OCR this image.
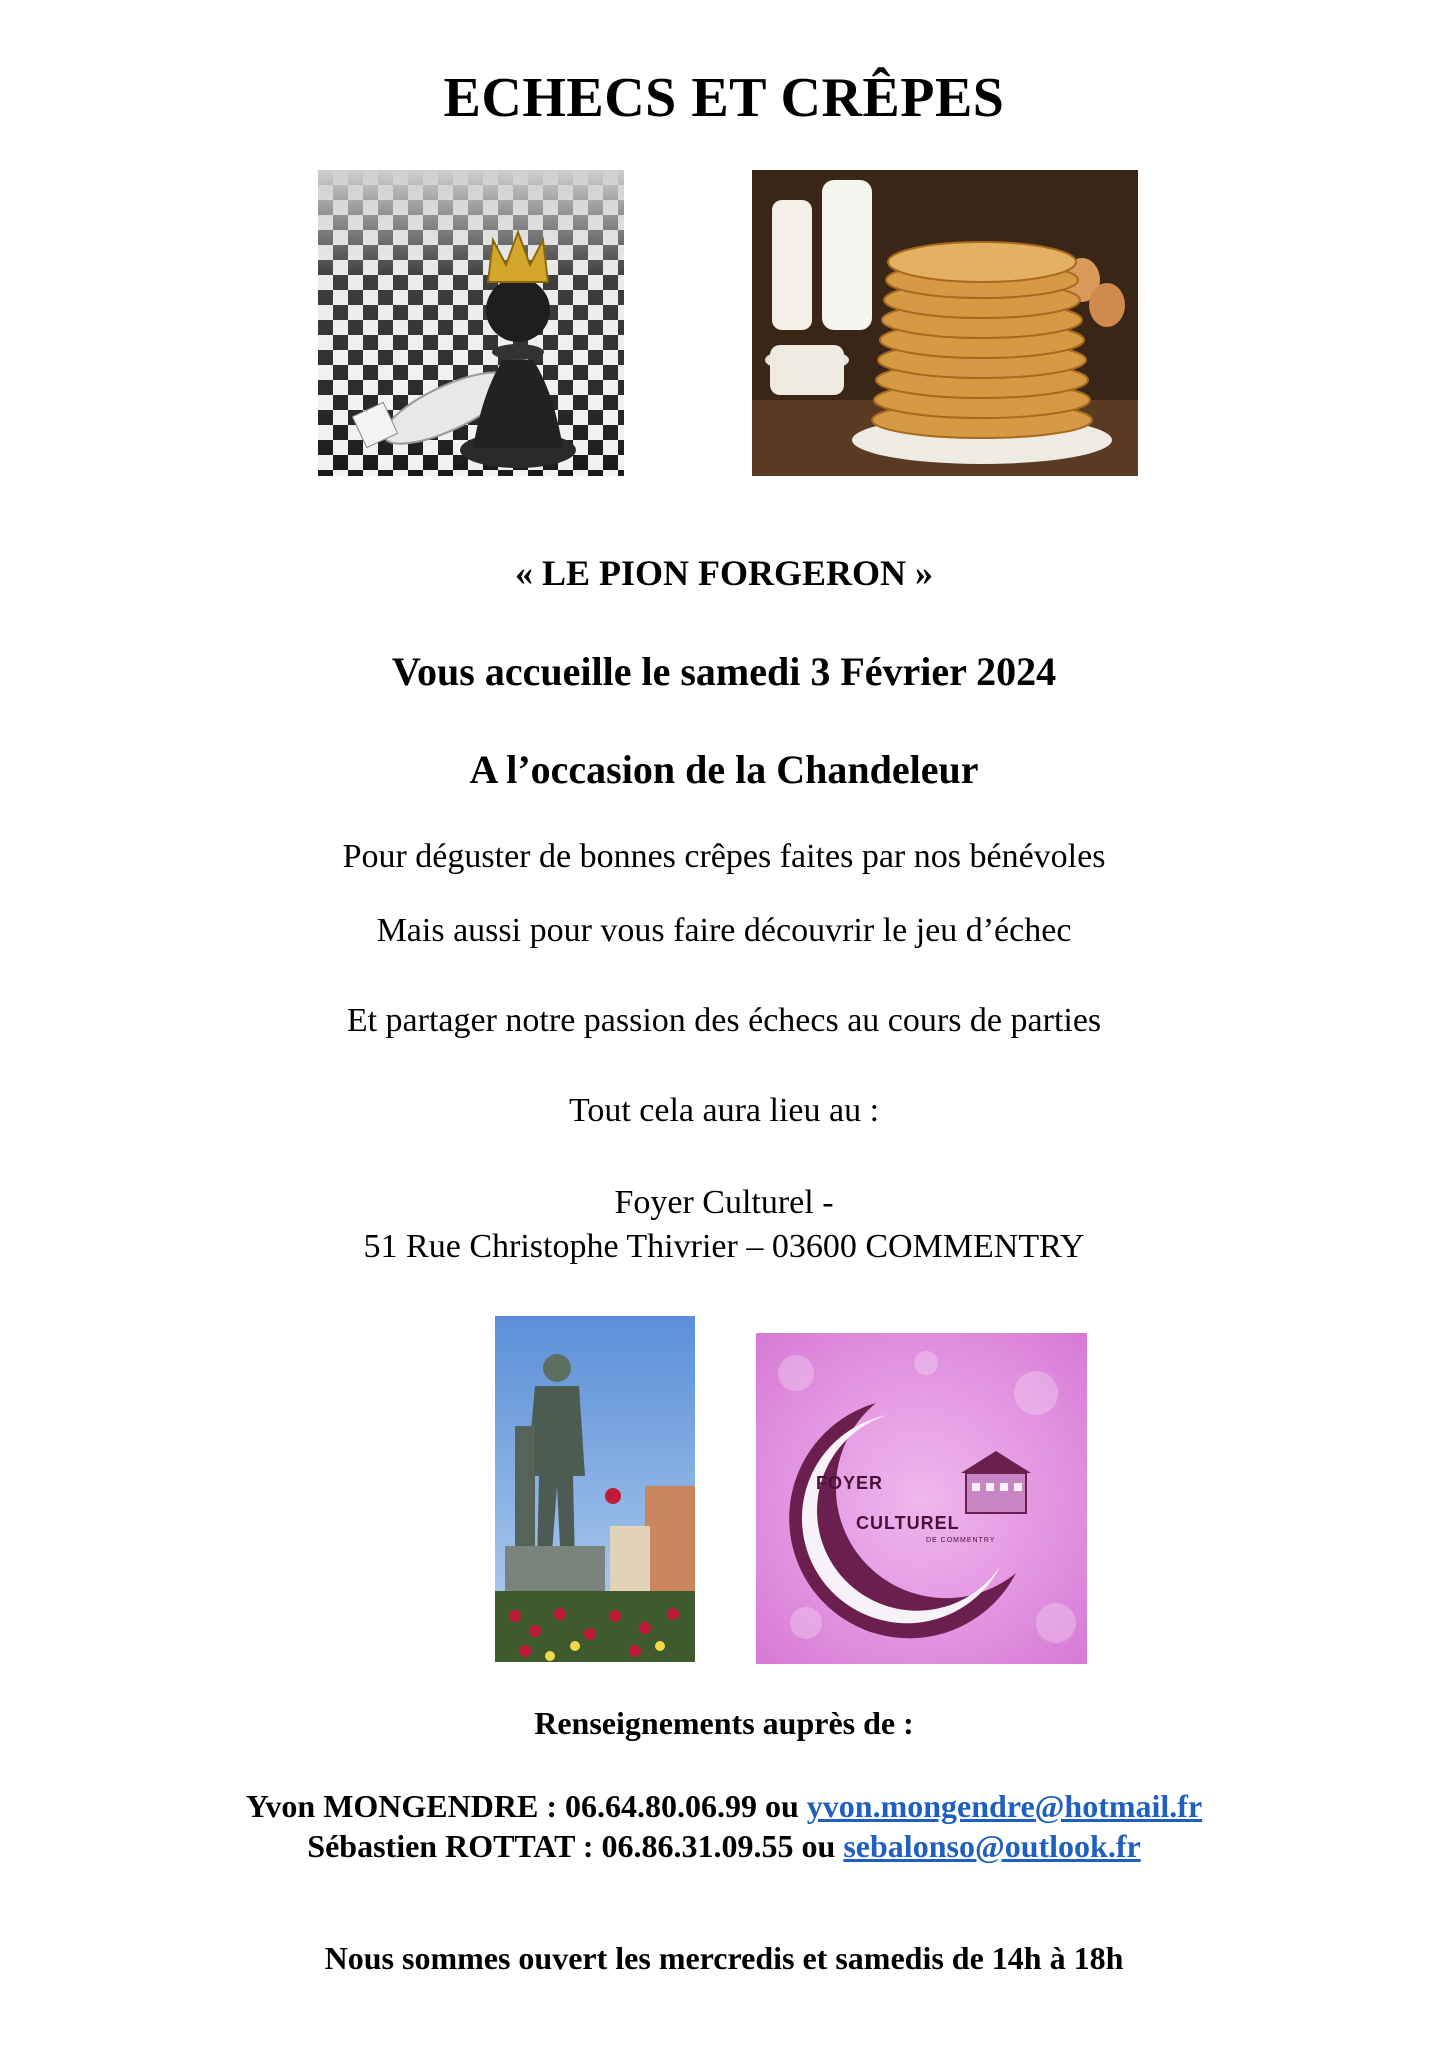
ECHECS ET CRÊPES
« LE PION FORGERON »
Vous accueille le samedi 3 Février 2024
A l’occasion de la Chandeleur
Pour déguster de bonnes crêpes faites par nos bénévoles
Mais aussi pour vous faire découvrir le jeu d’échec
Et partager notre passion des échecs au cours de parties
Tout cela aura lieu au :
Foyer Culturel -
51 Rue Christophe Thivrier – 03600 COMMENTRY
FOYER
CULTUREL
DE COMMENTRY
Renseignements auprès de :
Yvon MONGENDRE : 06.64.80.06.99 ou yvon.mongendre@hotmail.fr
Sébastien ROTTAT : 06.86.31.09.55 ou sebalonso@outlook.fr
Nous sommes ouvert les mercredis et samedis de 14h à 18h
